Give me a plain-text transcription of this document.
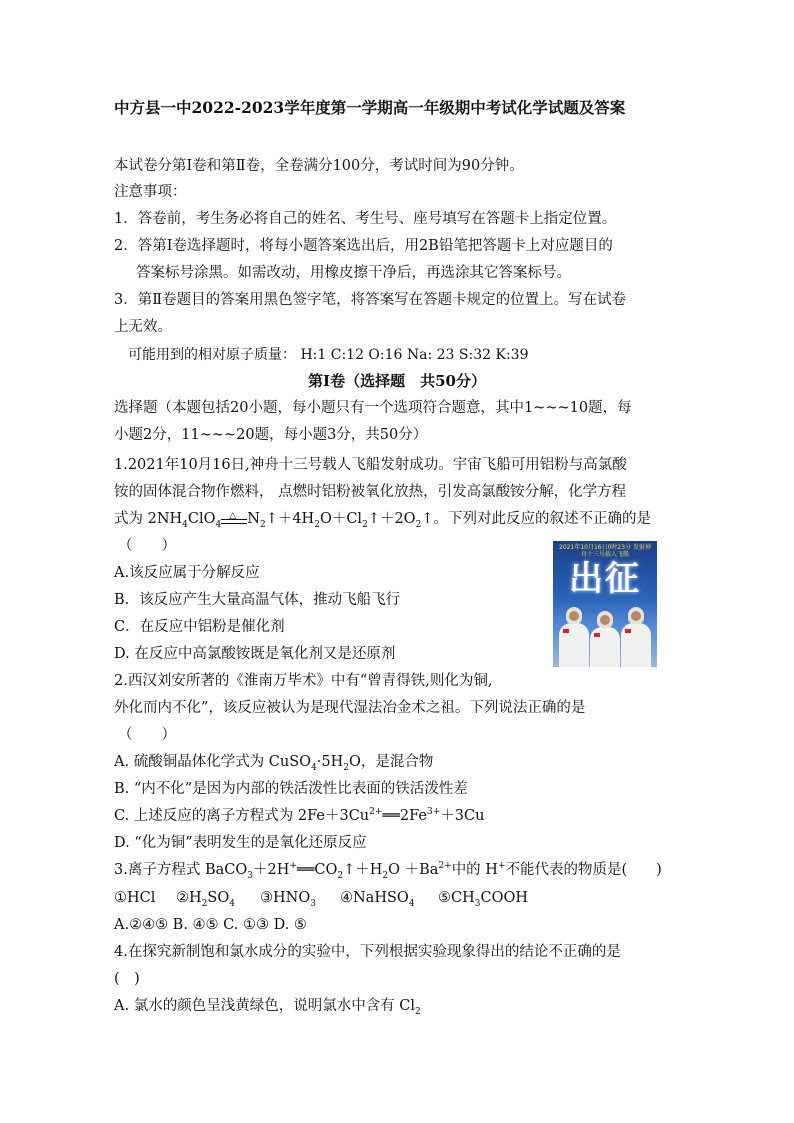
中方县一中2022-2023学年度第一学期高一年级期中考试化学试题及答案
本试卷分第Ⅰ卷和第Ⅱ卷，全卷满分100分，考试时间为90分钟。
注意事项：
1．答卷前，考生务必将自己的姓名、考生号、座号填写在答题卡上指定位置。
2．答第Ⅰ卷选择题时，将每小题答案选出后，用2B铅笔把答题卡上对应题目的
答案标号涂黑。如需改动，用橡皮擦干净后，再选涂其它答案标号。
3．第Ⅱ卷题目的答案用黑色签字笔，将答案写在答题卡规定的位置上。写在试卷
上无效。
可能用到的相对原子质量： H:1 C:12 O:16 Na: 23 S:32 K:39
第Ⅰ卷（选择题　共50分）
选择题（本题包括20小题，每小题只有一个选项符合题意，其中1~~~10题，每
小题2分，11~~~20题，每小题3分，共50分）
1.2021年10月16日,神舟十三号载人飞船发射成功。宇宙飞船可用铝粉与高氯酸
铵的固体混合物作燃料， 点燃时铝粉被氧化放热，引发高氯酸铵分解，化学方程
式为 $2NH_4ClO_4$
△ $N_2↑+4H_2O+Cl_2↑+2O_2↑$。下列对此反应的叙述不正确的是
（　　）
A.该反应属于分解反应
B．该反应产生大量高温气体，推动飞船飞行
C．在反应中铝粉是催化剂
D. 在反应中高氯酸铵既是氧化剂又是还原剂
2021年10月16日0时23分 发射神舟十三号载人飞船
出征
2.西汉刘安所著的《淮南万毕术》中有“曾青得铁,则化为铜,
外化而内不化”，该反应被认为是现代湿法冶金术之祖。下列说法正确的是
（　　）
A. 硫酸铜晶体化学式为 $CuSO_4\cdot 5H_2O$，是混合物
B. “内不化”是因为内部的铁活泼性比表面的铁活泼性差
C. 上述反应的离子方程式为 $2Fe+3Cu^{2+}══2Fe^{3+}+3Cu$
D. “化为铜”表明发生的是氧化还原反应
3.离子方程式 $BaCO_3+2H^+══CO_2↑+H_2O +Ba^{2+}$中的 H+不能代表的物质是(　　)
①HCl $②H_2SO_4$ $③HNO_3$ ④NaHSO$_4$ $⑤CH_3COOH$
A.②④⑤ B. ④⑤ C. ①③ D. ⑤
4.在探究新制饱和氯水成分的实验中，下列根据实验现象得出的结论不正确的是
(　)
A. 氯水的颜色呈浅黄绿色，说明氯水中含有 $Cl_2$
